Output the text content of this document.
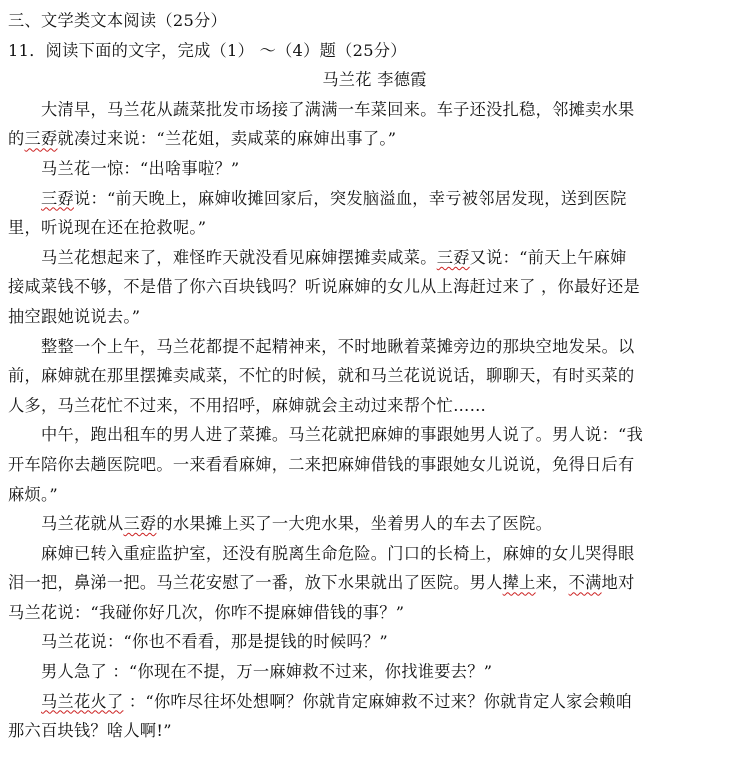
三、文学类文本阅读（25分）
11．阅读下面的文字，完成（1） ～（4）题（25分）
马兰花 李德霞
大清早，马兰花从蔬菜批发市场接了满满一车菜回来。车子还没扎稳，邻摊卖水果
的三孬就凑过来说：“兰花姐，卖咸菜的麻婶出事了。”
马兰花一惊：“出啥事啦？”
三孬说：“前天晚上，麻婶收摊回家后，突发脑溢血，幸亏被邻居发现，送到医院
里，听说现在还在抢救呢。”
马兰花想起来了，难怪昨天就没看见麻婶摆摊卖咸菜。三孬又说：“前天上午麻婶
接咸菜钱不够，不是借了你六百块钱吗？听说麻婶的女儿从上海赶过来了 ，你最好还是
抽空跟她说说去。”
整整一个上午，马兰花都提不起精神来，不时地瞅着菜摊旁边的那块空地发呆。以
前，麻婶就在那里摆摊卖咸菜，不忙的时候，就和马兰花说说话，聊聊天，有时买菜的
人多，马兰花忙不过来，不用招呼，麻婶就会主动过来帮个忙……
中午，跑出租车的男人进了菜摊。马兰花就把麻婶的事跟她男人说了。男人说：“我
开车陪你去趟医院吧。一来看看麻婶，二来把麻婶借钱的事跟她女儿说说，免得日后有
麻烦。”
马兰花就从三孬的水果摊上买了一大兜水果，坐着男人的车去了医院。
麻婶已转入重症监护室，还没有脱离生命危险。门口的长椅上，麻婶的女儿哭得眼
泪一把，鼻涕一把。马兰花安慰了一番，放下水果就出了医院。男人撵上来，不满地对
马兰花说：“我碰你好几次，你咋不提麻婶借钱的事？”
马兰花说：“你也不看看，那是提钱的时候吗？”
男人急了 ：“你现在不提，万一麻婶救不过来，你找谁要去？”
马兰花火了 ：“你咋尽往坏处想啊？你就肯定麻婶救不过来？你就肯定人家会赖咱
那六百块钱？啥人啊!”
